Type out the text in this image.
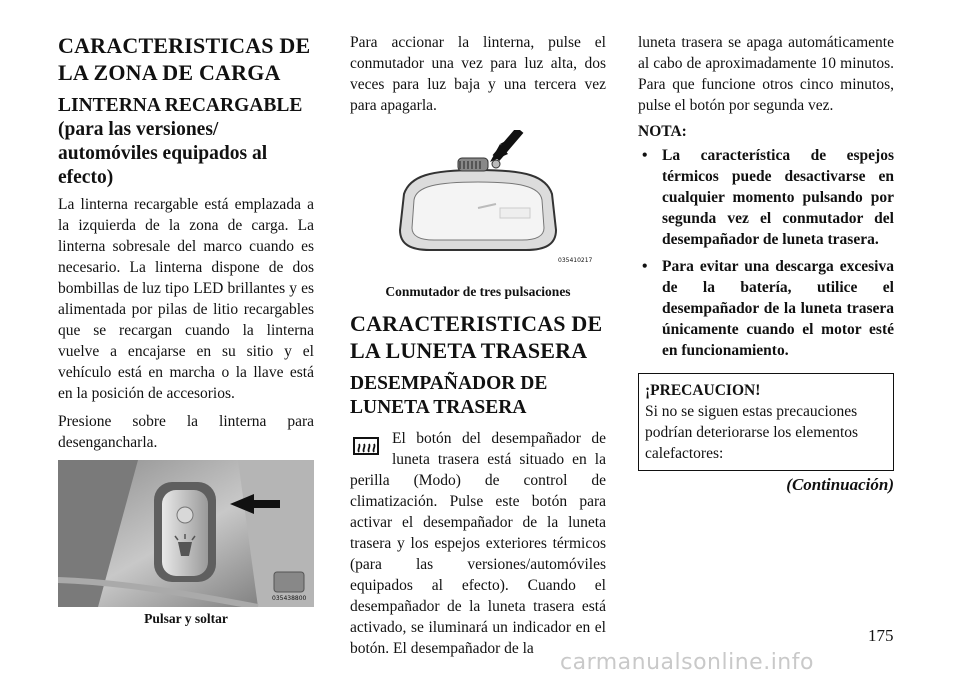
CARACTERISTICAS DE LA ZONA DE CARGA
LINTERNA RECARGABLE (para las versiones/ automóviles equipados al efecto)
La linterna recargable está emplazada a la izquierda de la zona de carga. La linterna sobresale del marco cuando es necesario. La linterna dispone de dos bombillas de luz tipo LED brillantes y es alimentada por pilas de litio recargables que se recargan cuando la linterna vuelve a encajarse en su sitio y el vehículo está en marcha o la llave está en la posición de accesorios.
Presione sobre la linterna para desengancharla.
035438800
Pulsar y soltar
Para accionar la linterna, pulse el conmutador una vez para luz alta, dos veces para luz baja y una tercera vez para apagarla.
035410217
Conmutador de tres pulsaciones
CARACTERISTICAS DE LA LUNETA TRASERA
DESEMPAÑADOR DE LUNETA TRASERA
El botón del desempañador de luneta trasera está situado en la perilla (Modo) de control de climatización. Pulse este botón para activar el desempañador de la luneta trasera y los espejos exteriores térmicos (para las versiones/automóviles equipados al efecto). Cuando el desempañador de la luneta trasera está activado, se iluminará un indicador en el botón. El desempañador de la
luneta trasera se apaga automáticamente al cabo de aproximadamente 10 minutos. Para que funcione otros cinco minutos, pulse el botón por segunda vez.
NOTA:
• La característica de espejos térmicos puede desactivarse en cualquier momento pulsando por segunda vez el conmutador del desempañador de luneta trasera.
• Para evitar una descarga excesiva de la batería, utilice el desempañador de la luneta trasera únicamente cuando el motor esté en funcionamiento.
¡PRECAUCION!
Si no se siguen estas precauciones podrían deteriorarse los elementos calefactores:
(Continuación)
175
carmanualsonline.info
